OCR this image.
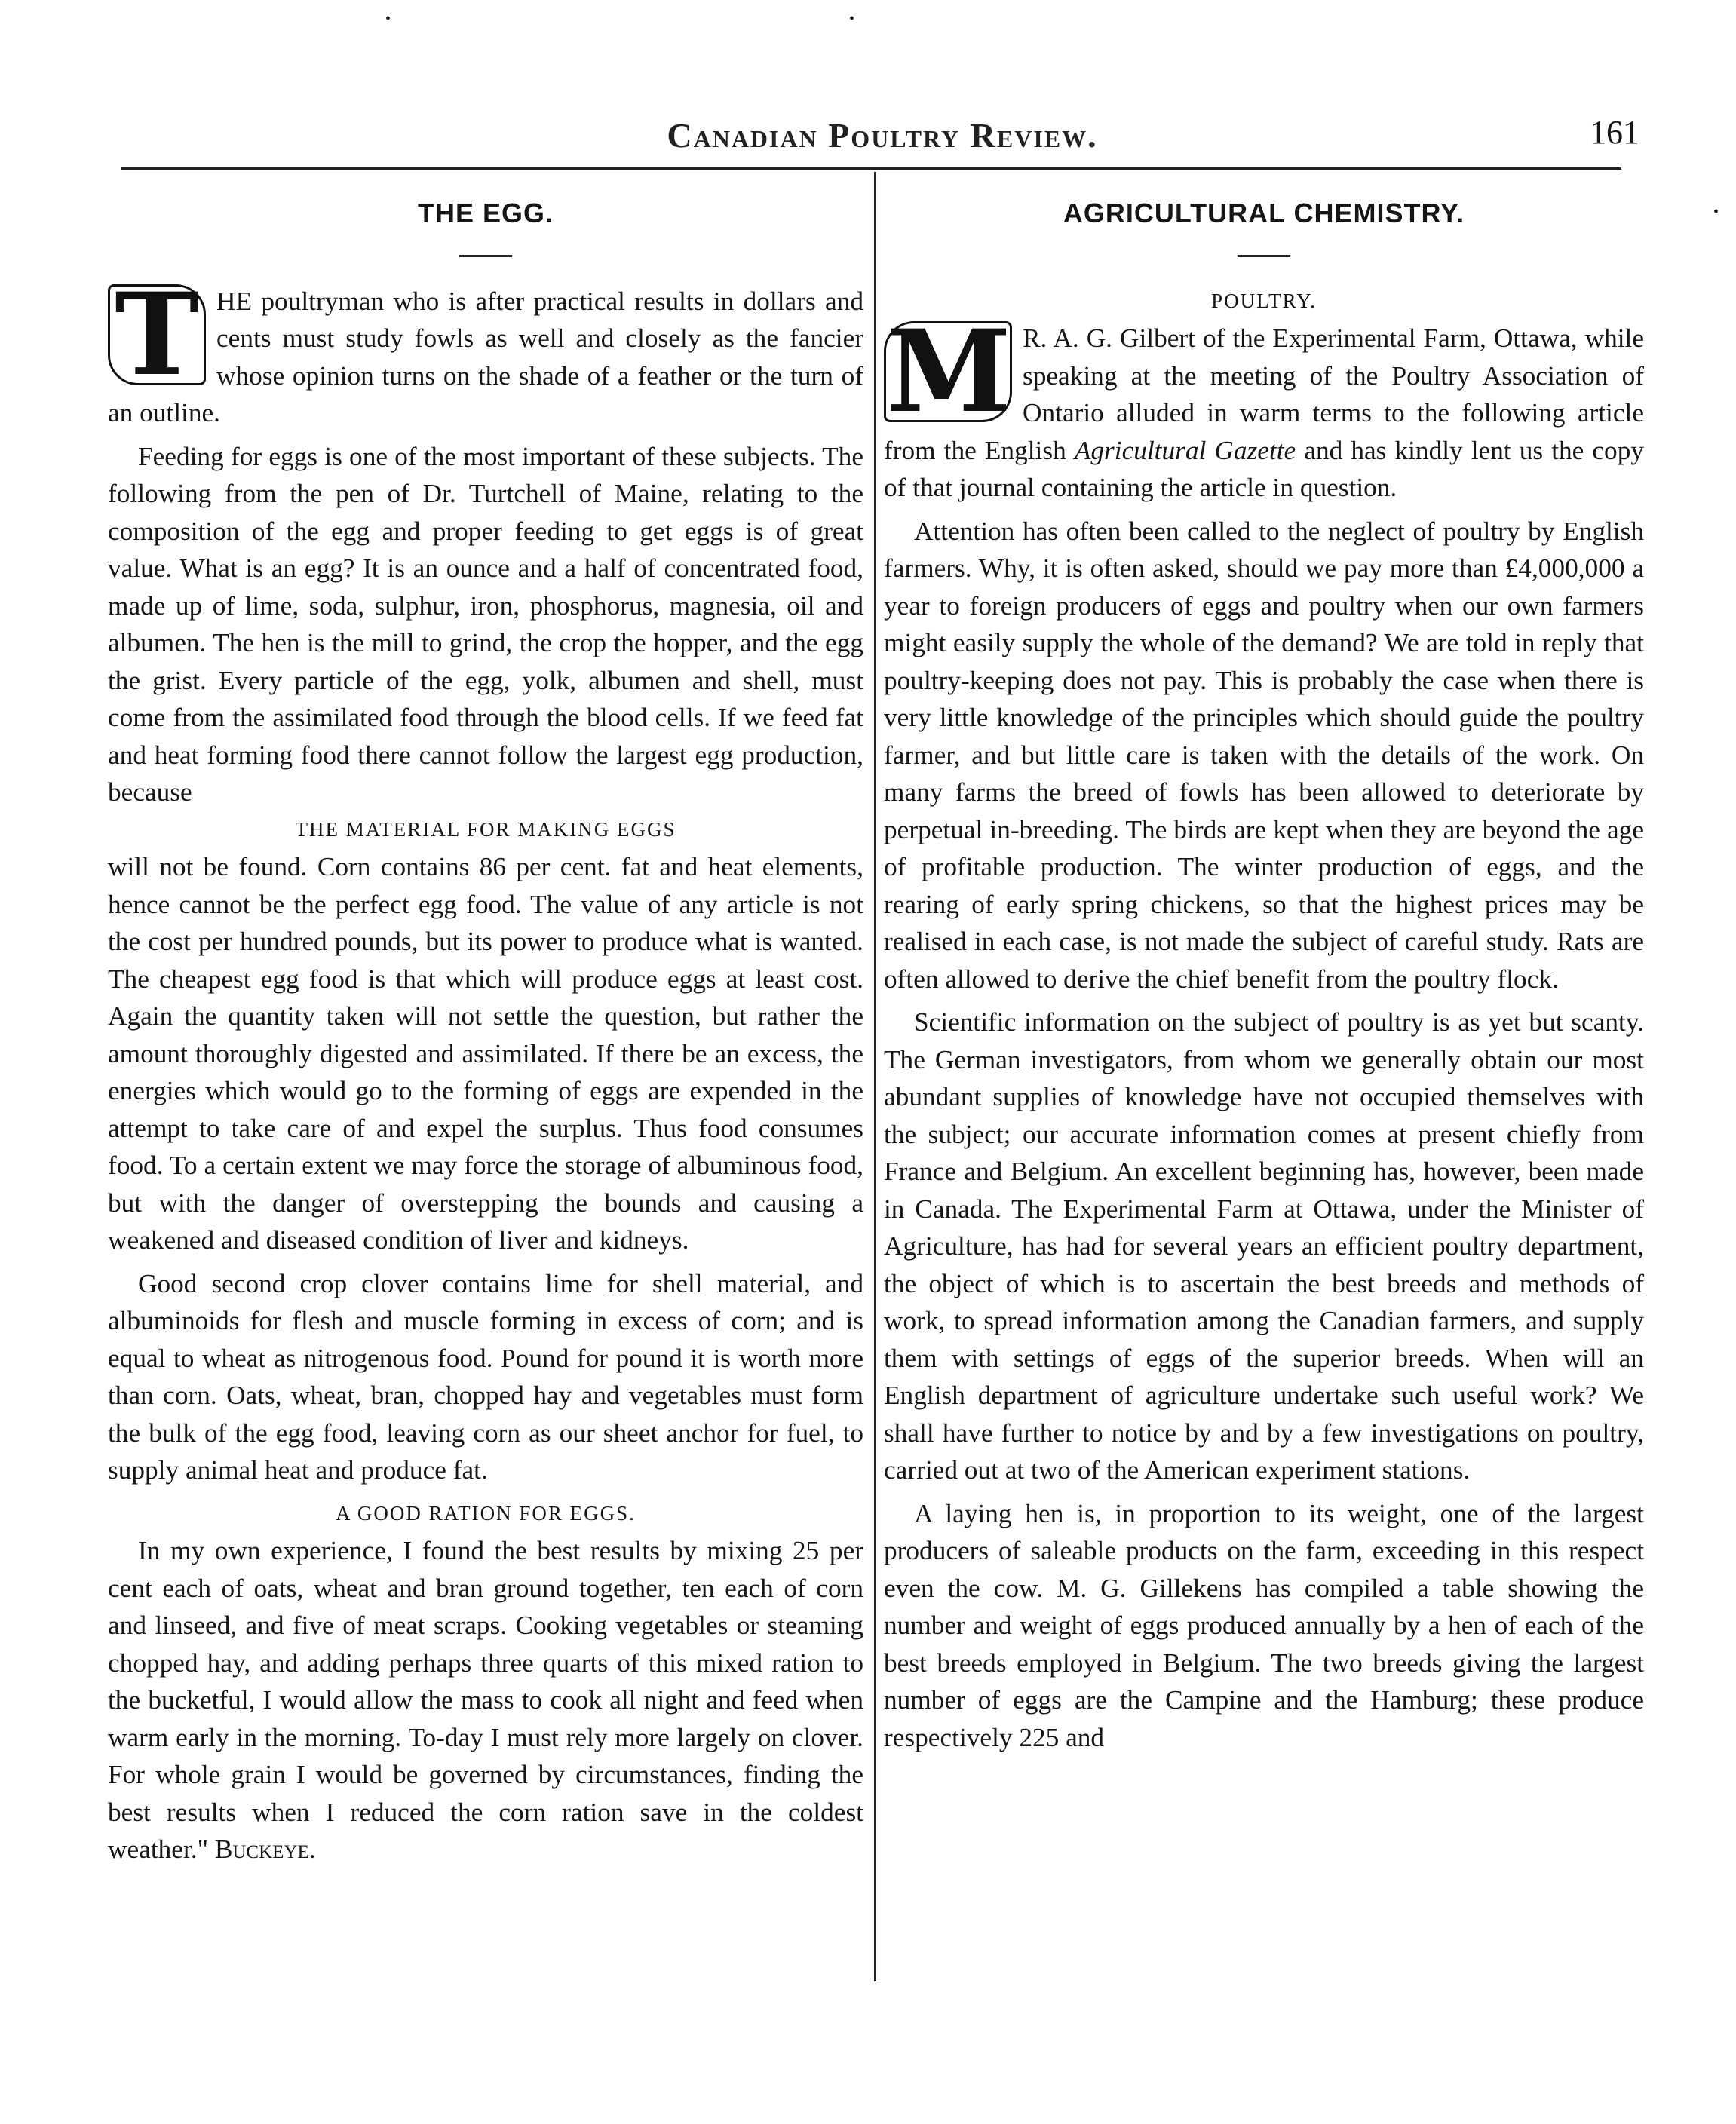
Canadian Poultry Review.	161
•	•
•
THE EGG.

T HE poultryman who is after practical results in dollars and cents must study fowls as well and closely as the fancier whose opinion turns on the shade of a feather or the turn of an outline.

Feeding for eggs is one of the most important of these subjects. The following from the pen of Dr. Turtchell of Maine, relating to the composition of the egg and proper feeding to get eggs is of great value. What is an egg? It is an ounce and a half of concentrated food, made up of lime, soda, sulphur, iron, phosphorus, magnesia, oil and albumen. The hen is the mill to grind, the crop the hopper, and the egg the grist. Every particle of the egg, yolk, albumen and shell, must come from the assimilated food through the blood cells. If we feed fat and heat forming food there cannot follow the largest egg production, because

THE MATERIAL FOR MAKING EGGS

will not be found. Corn contains 86 per cent. fat and heat elements, hence cannot be the perfect egg food. The value of any article is not the cost per hundred pounds, but its power to produce what is wanted. The cheapest egg food is that which will produce eggs at least cost. Again the quantity taken will not settle the question, but rather the amount thoroughly digested and assimilated. If there be an excess, the energies which would go to the forming of eggs are expended in the attempt to take care of and expel the surplus. Thus food consumes food. To a certain extent we may force the storage of albuminous food, but with the danger of overstepping the bounds and causing a weakened and diseased condition of liver and kidneys.

Good second crop clover contains lime for shell material, and albuminoids for flesh and muscle forming in excess of corn; and is equal to wheat as nitrogenous food. Pound for pound it is worth more than corn. Oats, wheat, bran, chopped hay and vegetables must form the bulk of the egg food, leaving corn as our sheet anchor for fuel, to supply animal heat and produce fat.

A GOOD RATION FOR EGGS.

In my own experience, I found the best results by mixing 25 per cent each of oats, wheat and bran ground together, ten each of corn and linseed, and five of meat scraps. Cooking vegetables or steaming chopped hay, and adding perhaps three quarts of this mixed ration to the bucketful, I would allow the mass to cook all night and feed when warm early in the morning. To-day I must rely more largely on clover. For whole grain I would be governed by circumstances, finding the best results when I reduced the corn ration save in the coldest weather." Buckeye.

AGRICULTURAL CHEMISTRY.
POULTRY.

M R. A. G. Gilbert of the Experimental Farm, Ottawa, while speaking at the meeting of the Poultry Association of Ontario alluded in warm terms to the following article from the English Agricultural Gazette and has kindly lent us the copy of that journal containing the article in question.

Attention has often been called to the neglect of poultry by English farmers. Why, it is often asked, should we pay more than £4,000,000 a year to foreign producers of eggs and poultry when our own farmers might easily supply the whole of the demand? We are told in reply that poultry-keeping does not pay. This is probably the case when there is very little knowledge of the principles which should guide the poultry farmer, and but little care is taken with the details of the work. On many farms the breed of fowls has been allowed to deteriorate by perpetual in-breeding. The birds are kept when they are beyond the age of profitable production. The winter production of eggs, and the rearing of early spring chickens, so that the highest prices may be realised in each case, is not made the subject of careful study. Rats are often allowed to derive the chief benefit from the poultry flock.

Scientific information on the subject of poultry is as yet but scanty. The German investigators, from whom we generally obtain our most abundant supplies of knowledge have not occupied themselves with the subject; our accurate information comes at present chiefly from France and Belgium. An excellent beginning has, however, been made in Canada. The Experimental Farm at Ottawa, under the Minister of Agriculture, has had for several years an efficient poultry department, the object of which is to ascertain the best breeds and methods of work, to spread information among the Canadian farmers, and supply them with settings of eggs of the superior breeds. When will an English department of agriculture undertake such useful work? We shall have further to notice by and by a few investigations on poultry, carried out at two of the American experiment stations.

A laying hen is, in proportion to its weight, one of the largest producers of saleable products on the farm, exceeding in this respect even the cow. M. G. Gillekens has compiled a table showing the number and weight of eggs produced annually by a hen of each of the best breeds employed in Belgium. The two breeds giving the largest number of eggs are the Campine and the Hamburg; these produce respectively 225 and
